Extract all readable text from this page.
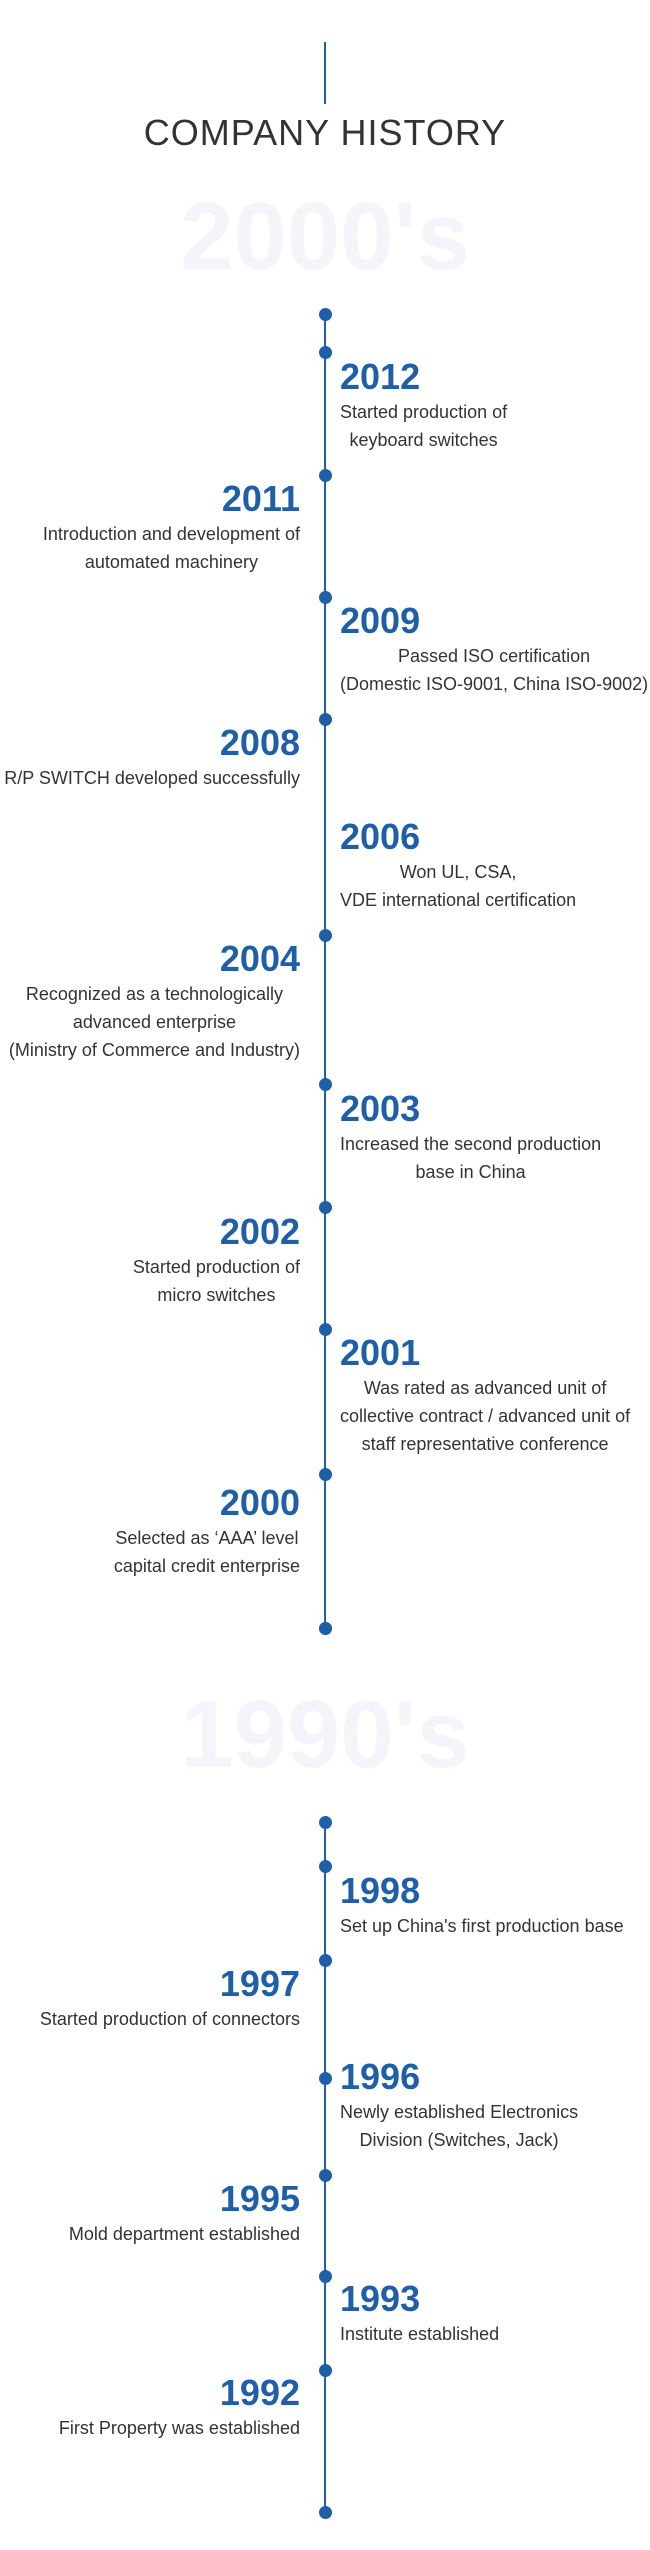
COMPANY HISTORY
2000's
2012
Started production of
keyboard switches
2011
Introduction and development of
automated machinery
2009
Passed ISO certification
(Domestic ISO-9001, China ISO-9002)
2008
R/P SWITCH developed successfully
2006
Won UL, CSA,
VDE international certification
2004
Recognized as a technologically
advanced enterprise
(Ministry of Commerce and Industry)
2003
Increased the second production
base in China
2002
Started production of
micro switches
2001
Was rated as advanced unit of
collective contract / advanced unit of
staff representative conference
2000
Selected as ‘AAA’ level
capital credit enterprise
1990's
1998
Set up China's first production base
1997
Started production of connectors
1996
Newly established Electronics
Division (Switches, Jack)
1995
Mold department established
1993
Institute established
1992
First Property was established
